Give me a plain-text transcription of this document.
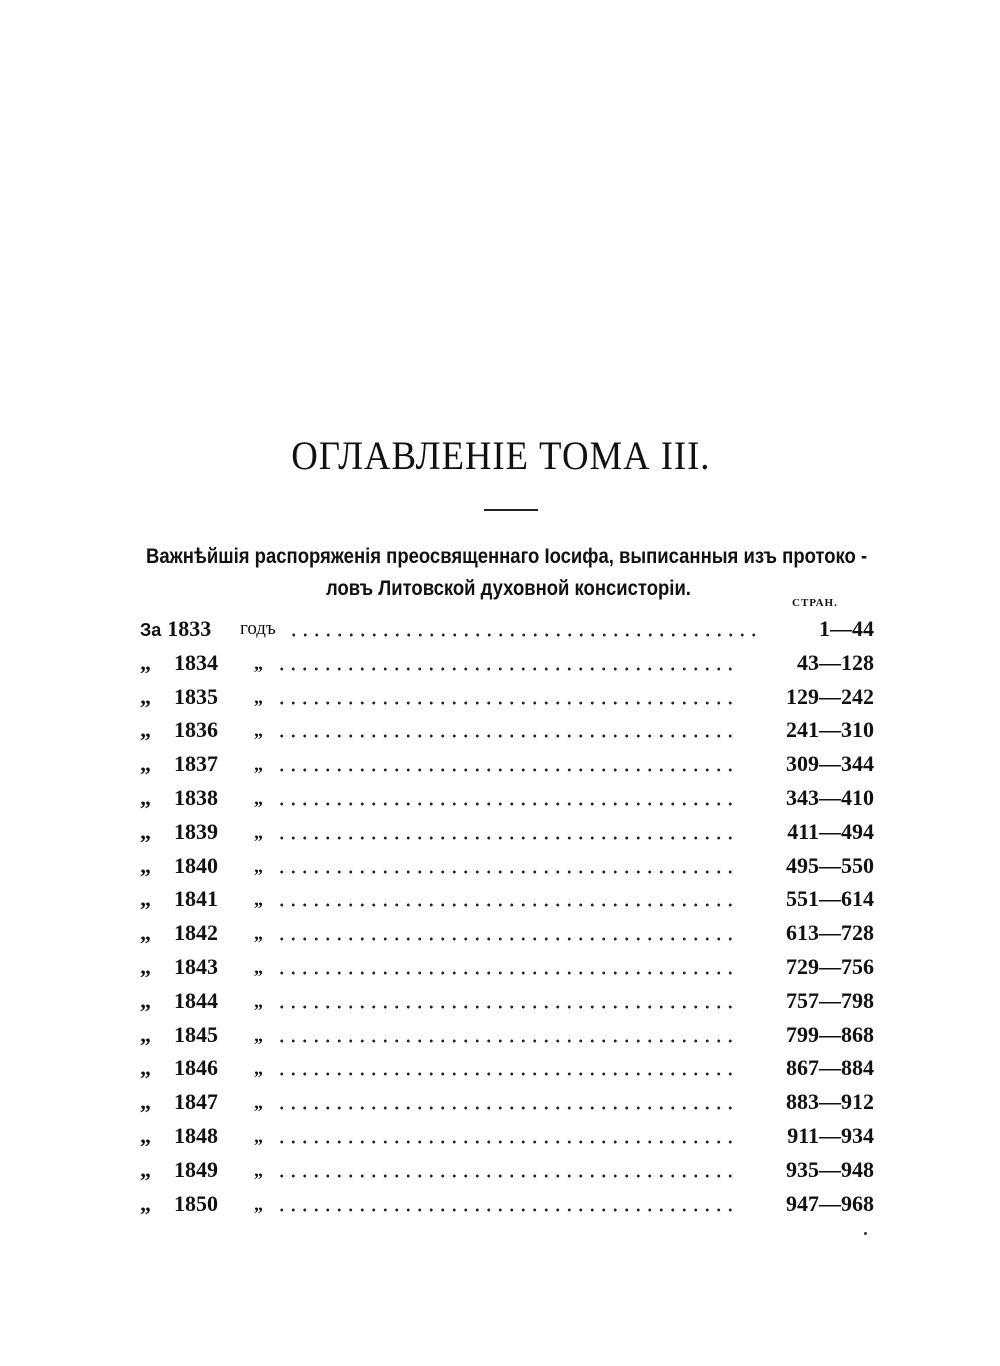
ОГЛАВЛЕНІЕ ТОМА III.
Важнѣйшія распоряженія преосвященнаго Іосифа, выписанныя изъ протоко -
ловъ Литовской духовной консисторіи.
СТРАН.
За 1833 годъ	1—44
„ 1834 „	43—128
„ 1835 „	129—242
„ 1836 „	241—310
„ 1837 „	309—344
„ 1838 „	343—410
„ 1839 „	411—494
„ 1840 „	495—550
„ 1841 „	551—614
„ 1842 „	613—728
„ 1843 „	729—756
„ 1844 „	757—798
„ 1845 „	799—868
„ 1846 „	867—884
„ 1847 „	883—912
„ 1848 „	911—934
„ 1849 „	935—948
„ 1850 „	947—968
